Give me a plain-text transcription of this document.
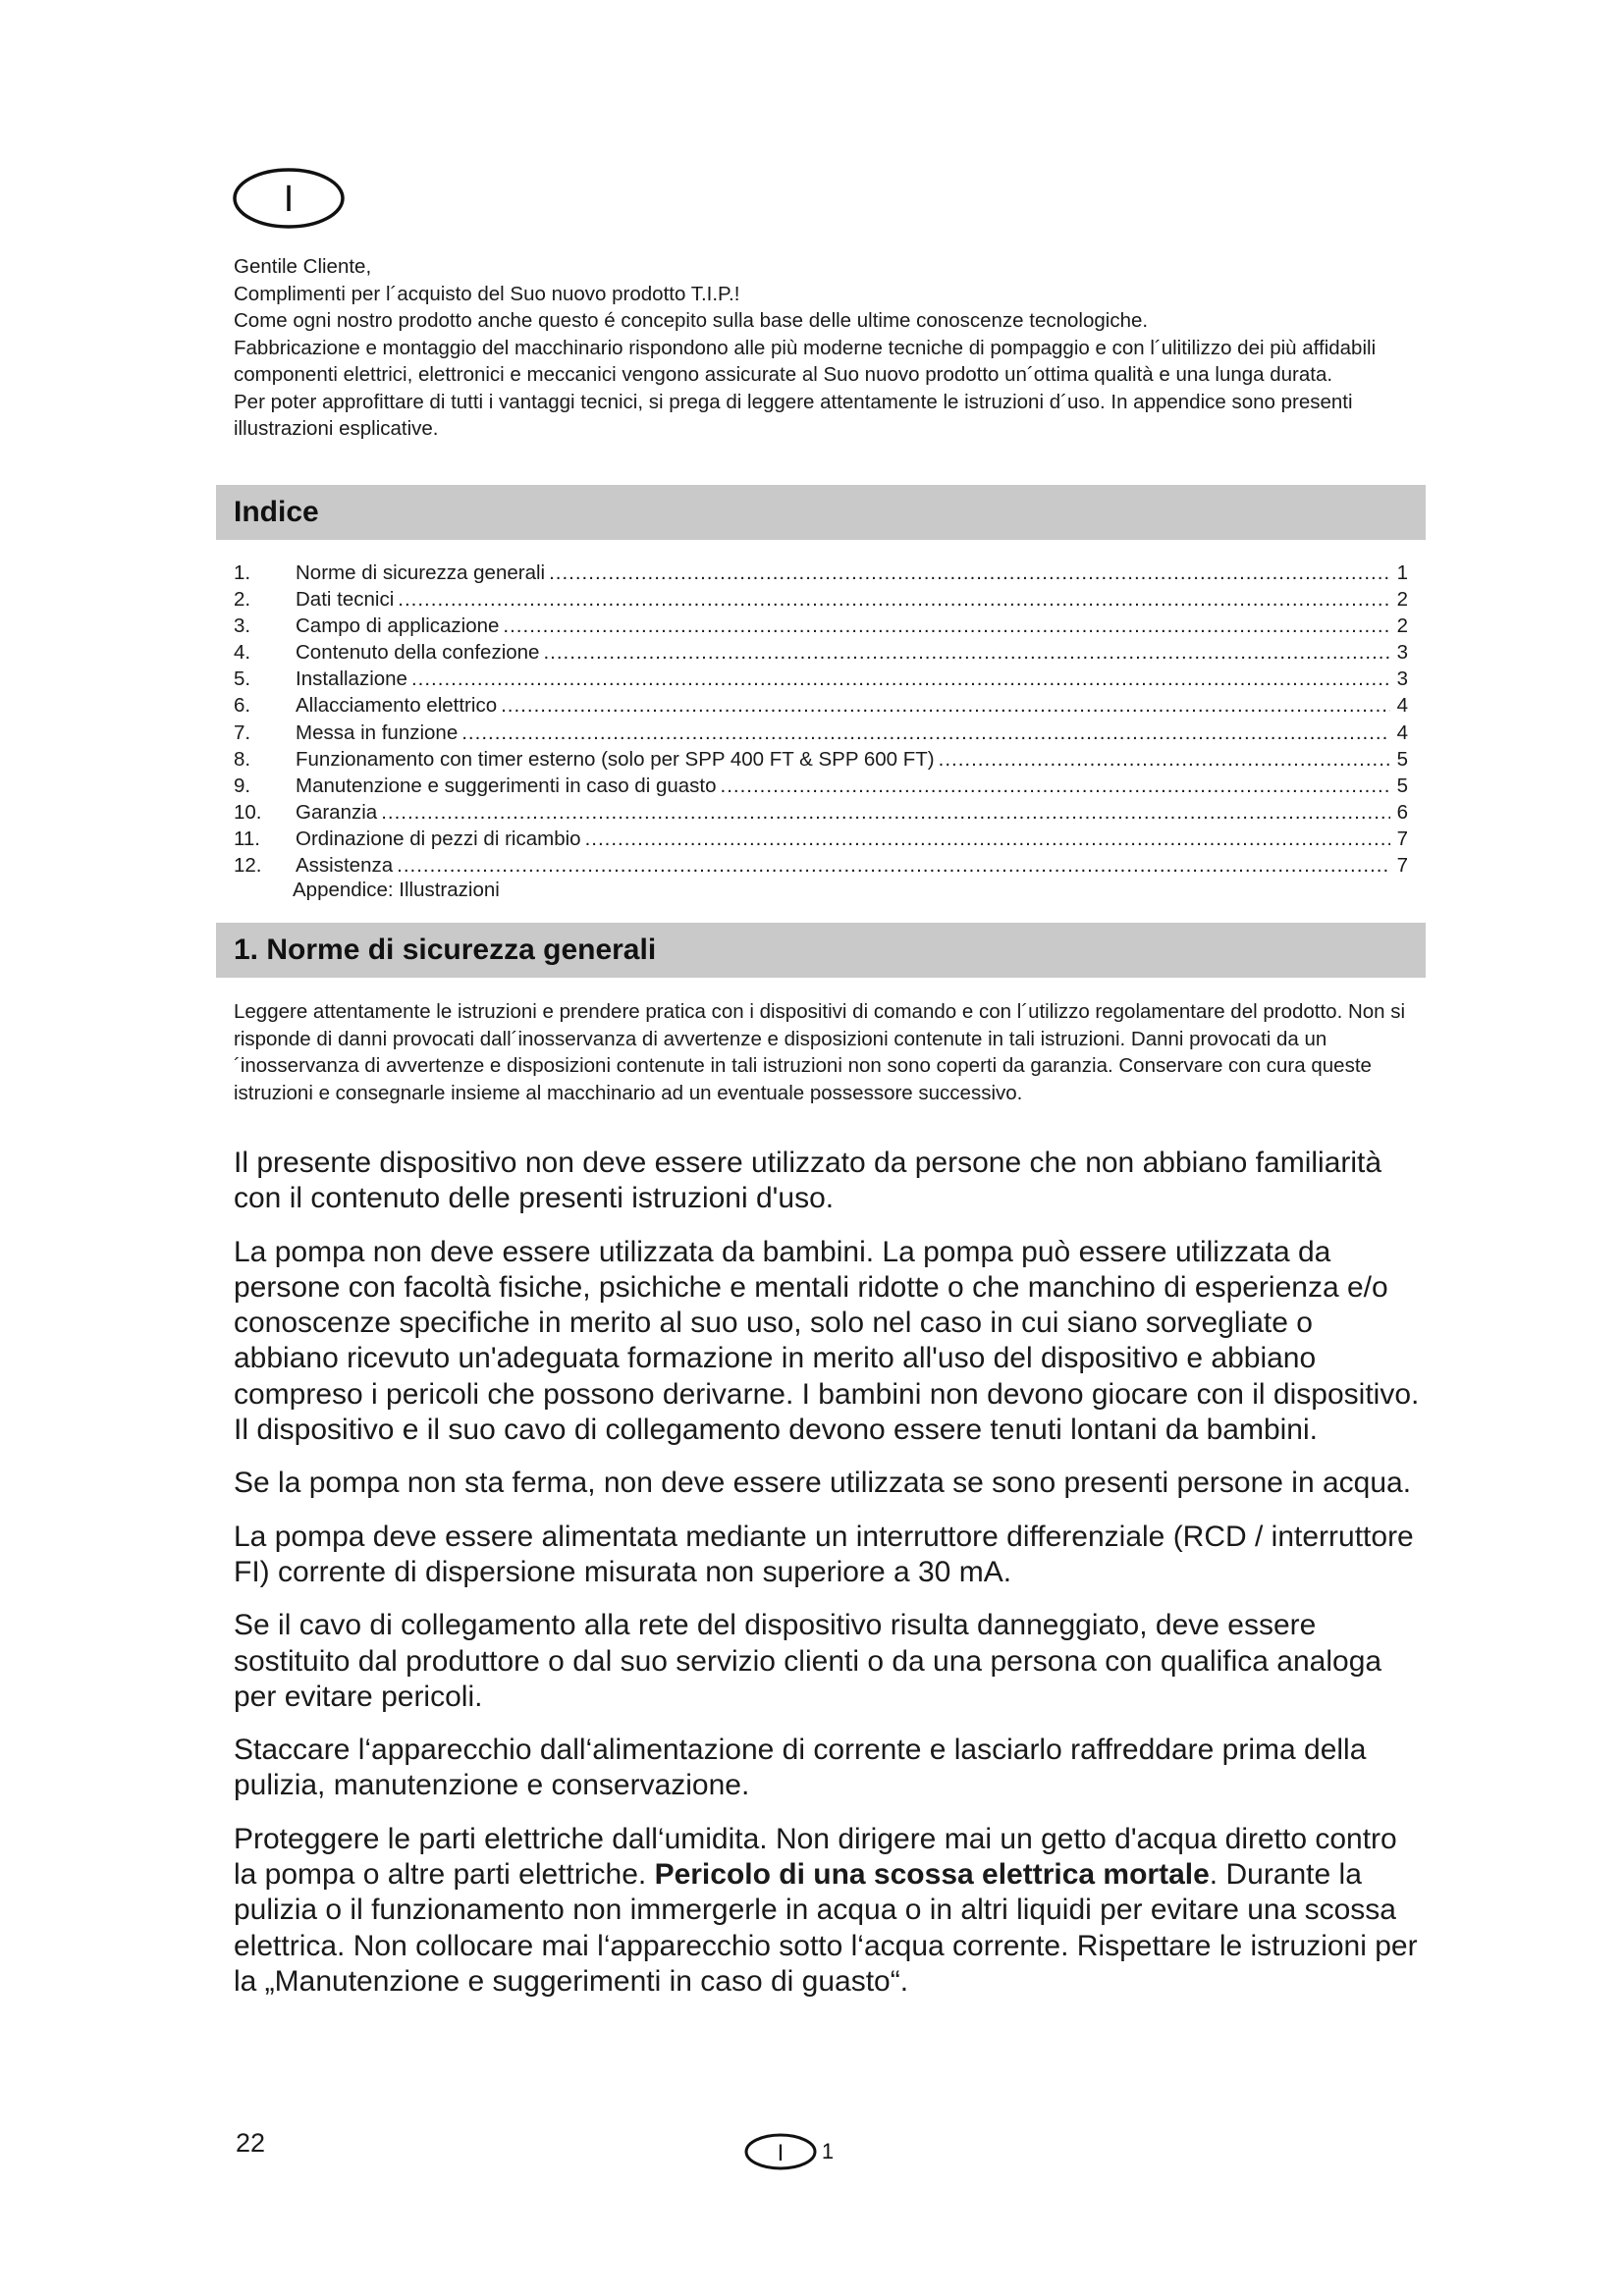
I

Gentile Cliente,

Complimenti per l´acquisto del Suo nuovo prodotto T.I.P.!

Come ogni nostro prodotto anche questo é concepito sulla base delle ultime conoscenze tecnologiche.

Fabbricazione e montaggio del macchinario rispondono alle più moderne tecniche di pompaggio e con l´ulitilizzo dei più affidabili componenti elettrici, elettronici e meccanici vengono assicurate al Suo nuovo prodotto un´ottima qualità e una lunga durata.

Per poter approfittare di tutti i vantaggi tecnici, si prega di leggere attentamente le istruzioni d´uso. In appendice sono presenti illustrazioni esplicative.

Indice
1.	Norme di sicurezza generali .....	1
2.	Dati tecnici .....	2
3.	Campo di applicazione .....	2
4.	Contenuto della confezione .....	3
5.	Installazione .....	3
6.	Allacciamento elettrico .....	4
7.	Messa in funzione .....	4
8.	Funzionamento con timer esterno (solo per SPP 400 FT & SPP 600 FT) .....	5
9.	Manutenzione e suggerimenti in caso di guasto .....	5
10.	Garanzia .....	6
11.	Ordinazione di pezzi di ricambio .....	7
12.	Assistenza .....	7
Appendice: Illustrazioni
1. Norme di sicurezza generali

Leggere attentamente le istruzioni e prendere pratica con i dispositivi di comando e con l´utilizzo regolamentare del prodotto. Non si risponde di danni provocati dall´inosservanza di avvertenze e disposizioni contenute in tali istruzioni. Danni provocati da un´inosservanza di avvertenze e disposizioni contenute in tali istruzioni non sono coperti da garanzia. Conservare con cura queste istruzioni e consegnarle insieme al macchinario ad un eventuale possessore successivo.

Il presente dispositivo non deve essere utilizzato da persone che non abbiano familiarità con il contenuto delle presenti istruzioni d'uso.

La pompa non deve essere utilizzata da bambini. La pompa può essere utilizzata da persone con facoltà fisiche, psichiche e mentali ridotte o che manchino di esperienza e/o conoscenze specifiche in merito al suo uso, solo nel caso in cui siano sorvegliate o abbiano ricevuto un'adeguata formazione in merito all'uso del dispositivo e abbiano compreso i pericoli che possono derivarne. I bambini non devono giocare con il dispositivo. Il dispositivo e il suo cavo di collegamento devono essere tenuti lontani da bambini.

Se la pompa non sta ferma, non deve essere utilizzata se sono presenti persone in acqua.

La pompa deve essere alimentata mediante un interruttore differenziale (RCD / interruttore FI) corrente di dispersione misurata non superiore a 30 mA.

Se il cavo di collegamento alla rete del dispositivo risulta danneggiato, deve essere sostituito dal produttore o dal suo servizio clienti o da una persona con qualifica analoga per evitare pericoli.

Staccare l‘apparecchio dall‘alimentazione di corrente e lasciarlo raffreddare prima della pulizia, manutenzione e conservazione.

Proteggere le parti elettriche dall‘umidita. Non dirigere mai un getto d'acqua diretto contro la pompa o altre parti elettriche. Pericolo di una scossa elettrica mortale. Durante la pulizia o il funzionamento non immergerle in acqua o in altri liquidi per evitare una scossa elettrica. Non collocare mai l‘apparecchio sotto l‘acqua corrente. Rispettare le istruzioni per la „Manutenzione e suggerimenti in caso di guasto“.

22	I 1
